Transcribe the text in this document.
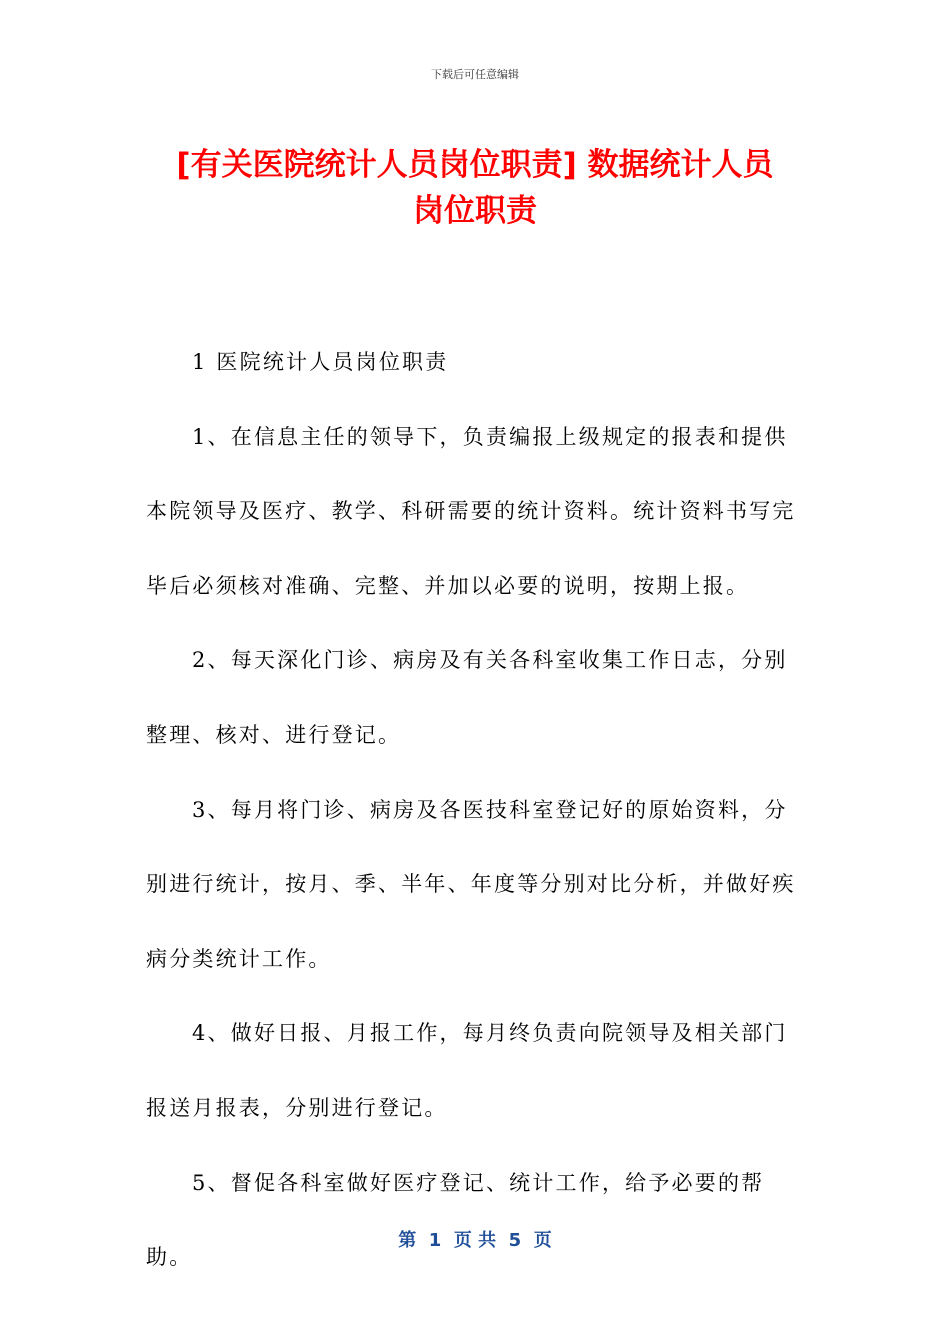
下载后可任意编辑
[有关医院统计人员岗位职责] 数据统计人员
岗位职责

1 医院统计人员岗位职责

1、在信息主任的领导下，负责编报上级规定的报表和提供本院领导及医疗、教学、科研需要的统计资料。统计资料书写完毕后必须核对准确、完整、并加以必要的说明，按期上报。

2、每天深化门诊、病房及有关各科室收集工作日志，分别整理、核对、进行登记。

3、每月将门诊、病房及各医技科室登记好的原始资料，分别进行统计，按月、季、半年、年度等分别对比分析，并做好疾病分类统计工作。

4、做好日报、月报工作，每月终负责向院领导及相关部门报送月报表，分别进行登记。

5、督促各科室做好医疗登记、统计工作，给予必要的帮助。

第  1  页 共  5  页
